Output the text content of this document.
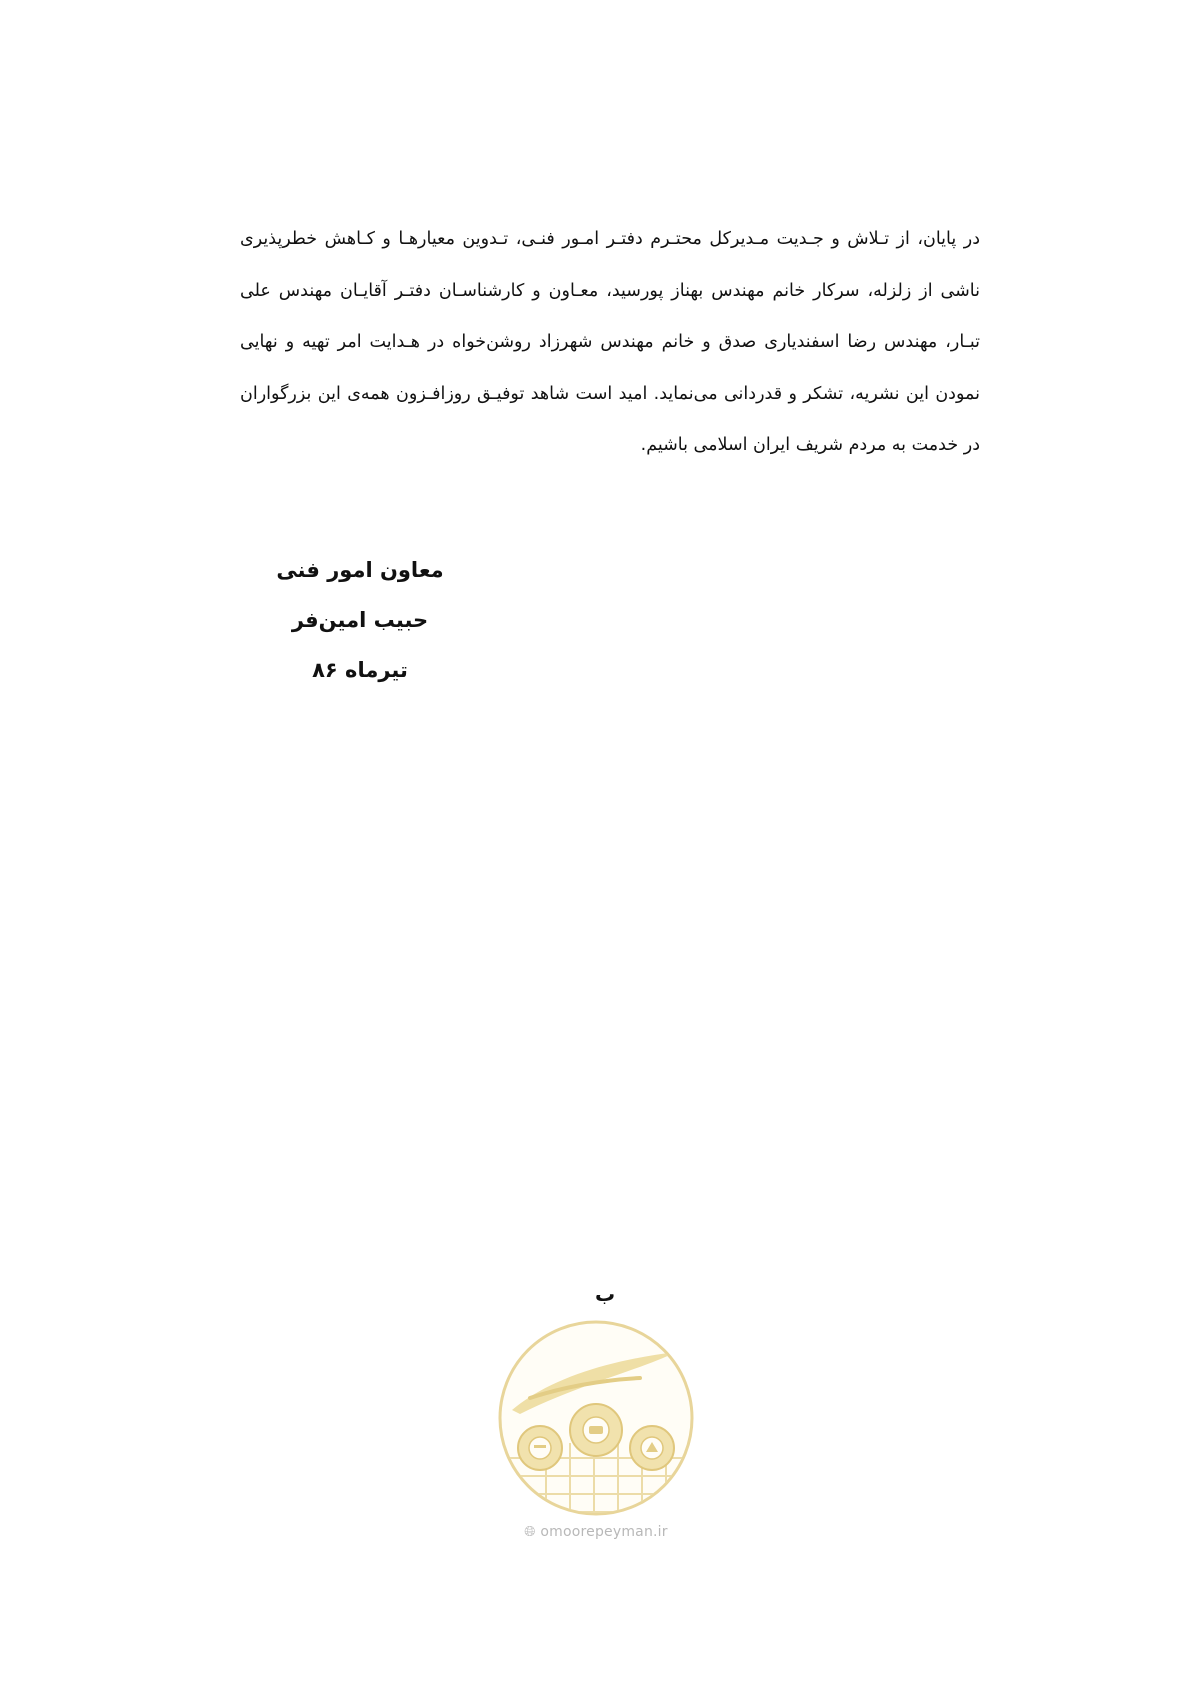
در پایان، از تـلاش و جـدیت مـدیرکل محتـرم دفتـر امـور فنـی، تـدوین معیارهـا و کـاهش خطرپذیری ناشی از زلزله، سرکار خانم مهندس بهناز پورسید، معـاون و کارشناسـان دفتـر آقایـان مهندس علی تبـار، مهندس رضا اسفندیاری صدق و خانم مهندس شهرزاد روشن‌خواه در هـدایت امر تهیه و نهایی نمودن این نشریه، تشکر و قدردانی می‌نماید. امید است شاهد توفیـق روزافـزون همه‌ی این بزرگواران در خدمت به مردم شریف ایران اسلامی باشیم.

معاون امور فنی
حبیب امین‌فر
تیرماه ۸۶
ب
🌐︎ omoorepeyman.ir
